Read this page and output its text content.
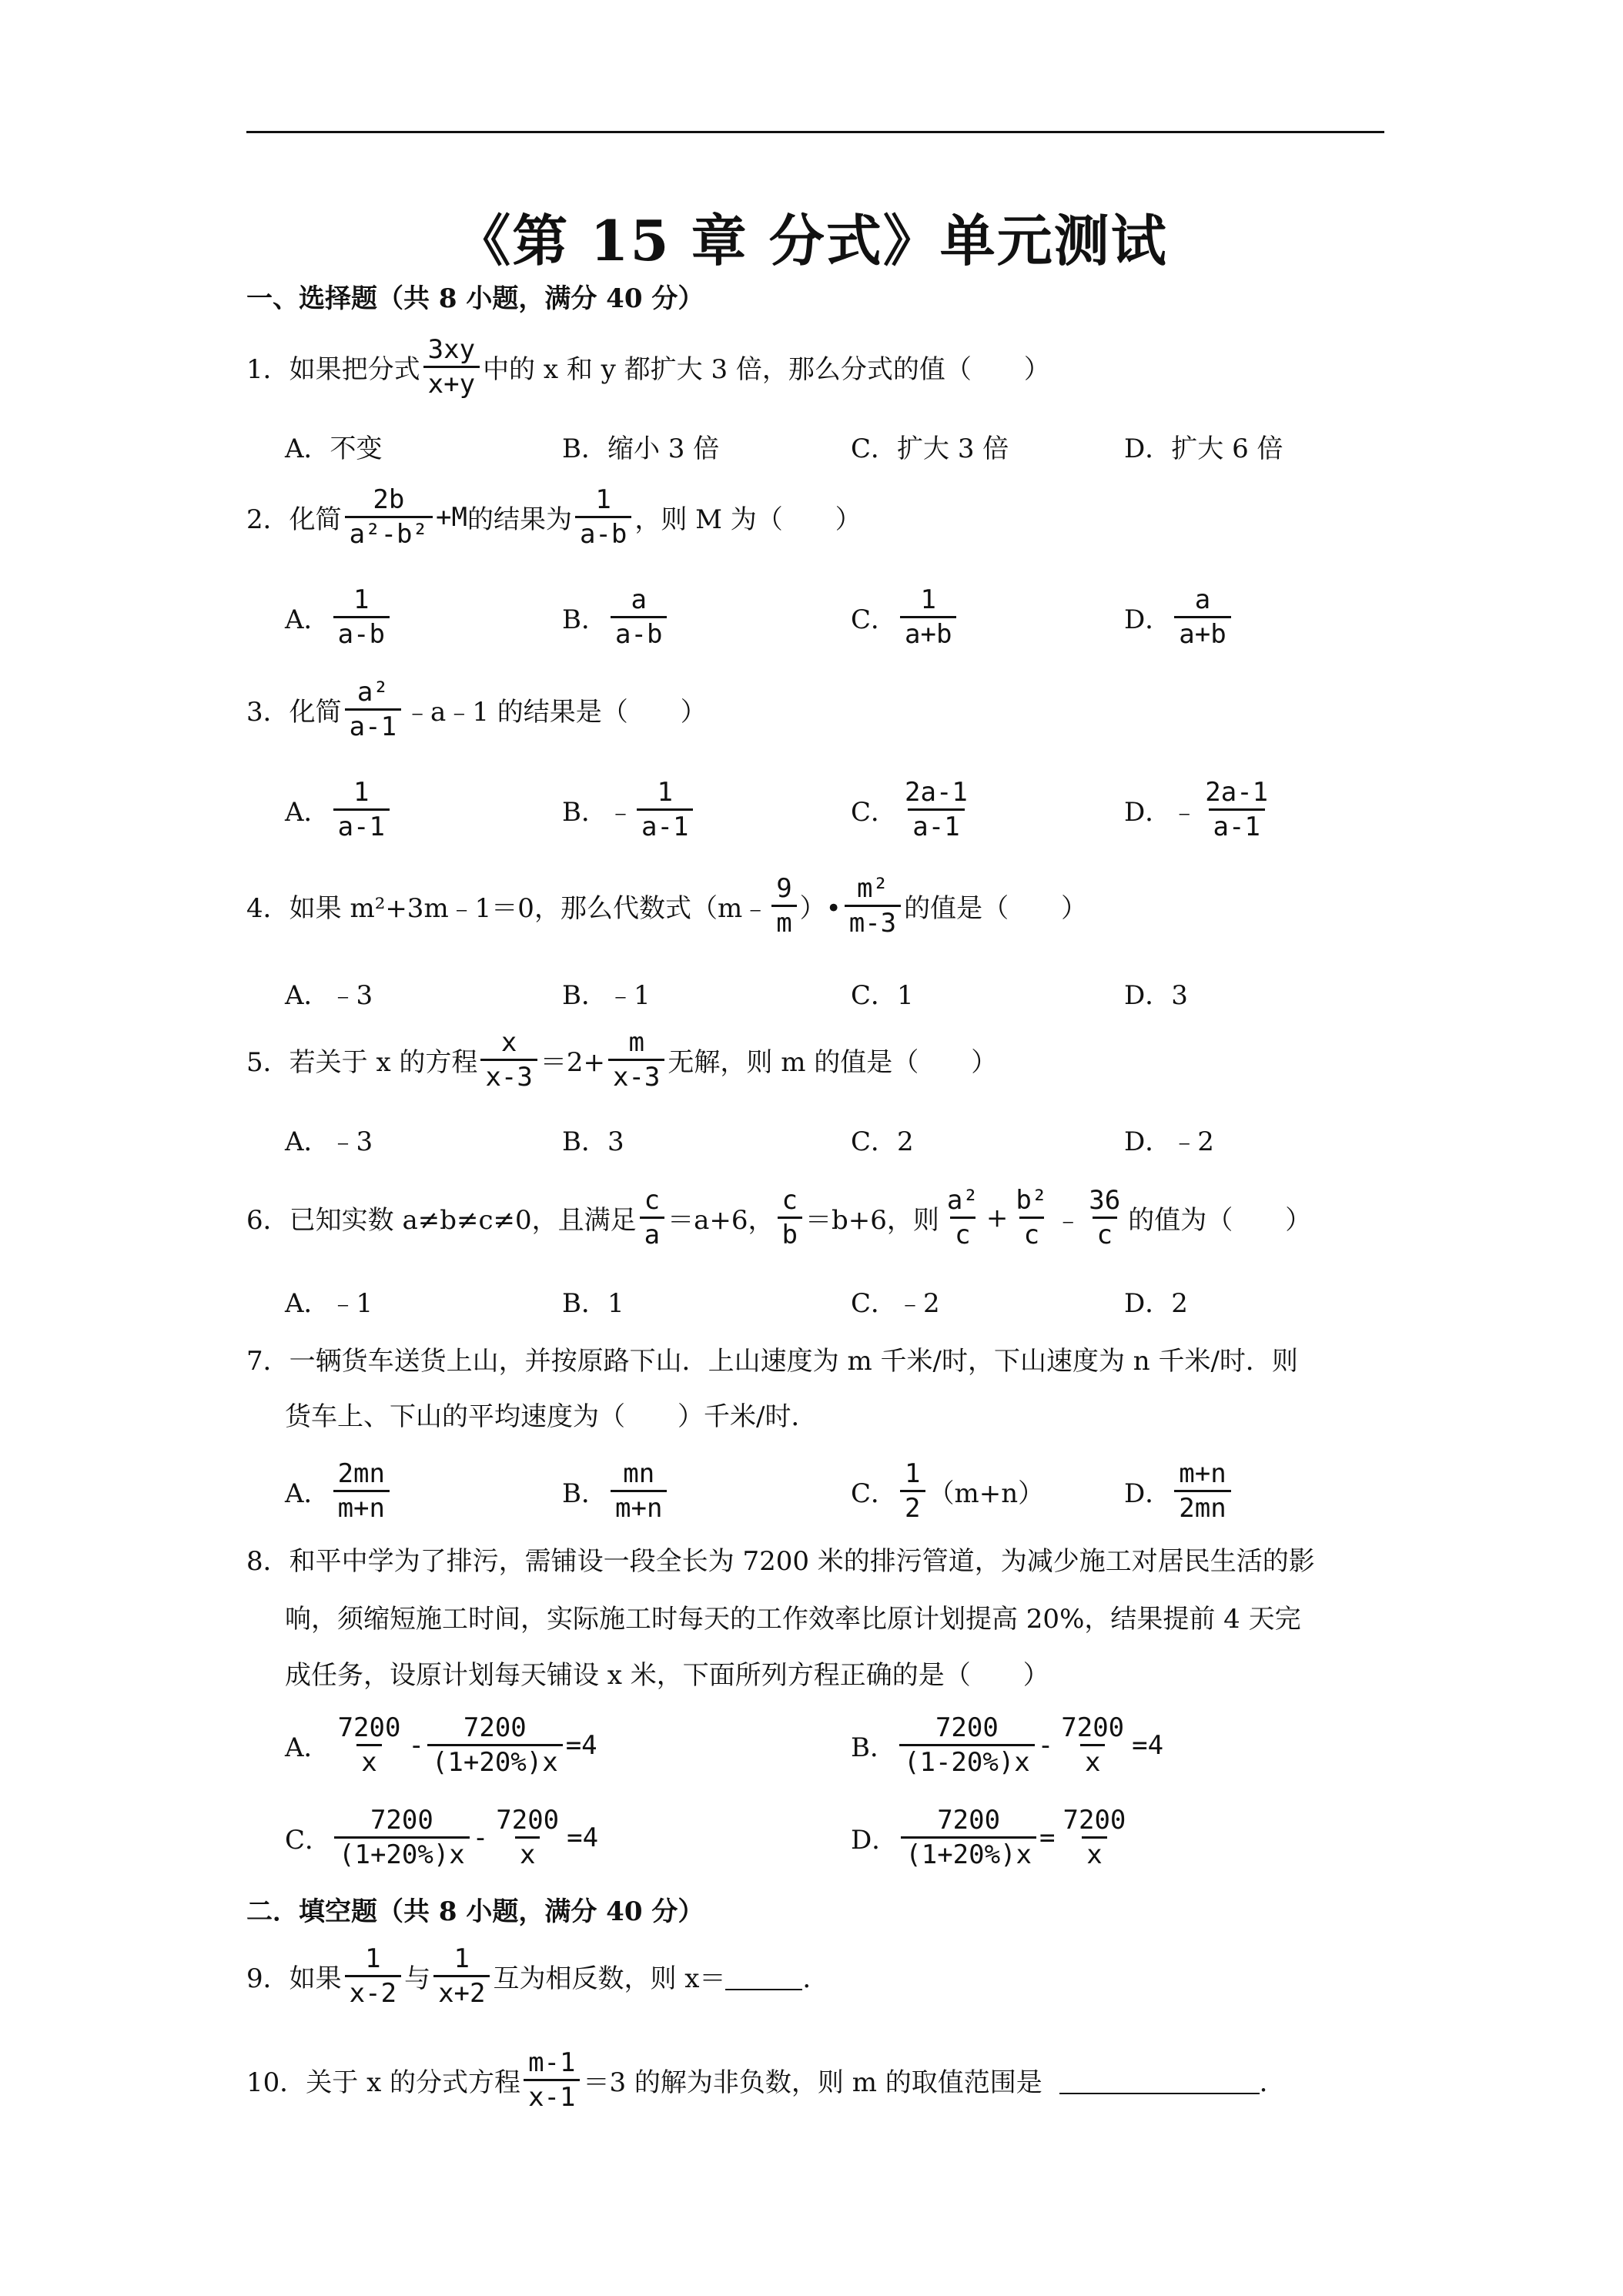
《第 15 章 分式》单元测试
一、选择题（共 8 小题，满分 40 分）
1． 如果把分式 $\frac{3xy}{x+y}$ 中的 x 和 y 都扩大 3 倍，那么分式的值（　　）
A．不变	B．缩小 3 倍	C．扩大 3 倍	D．扩大 6 倍
2． 化简 $\frac{2b}{\text{a²-b²}} +M$ 的结果为 $\frac{1}{a-b}$ ，则 M 为（　　）
A． $\frac{1}{a-b}$	B． $\frac{a}{a-b}$	C． $\frac{1}{a+b}$	D． $\frac{a}{a+b}$
3． 化简 $\frac{\text{a²}}{a-1}$ ﹣a﹣1 的结果是（　　）
A． $\frac{1}{a-1}$	B． ﹣ $\frac{1}{a-1}$	C． $\frac{2a-1}{a-1}$	D． ﹣ $\frac{2a-1}{a-1}$
4． 如果 m²+3m﹣1＝0，那么代数式（m﹣ $\frac{9}{m}$ ）• $\frac{\text{m²}}{m-3}$ 的值是（　　）
A．﹣3	B．﹣1	C．1	D．3
5． 若关于 x 的方程 $\frac{x}{x-3} =2+ \frac{m}{x-3}$ 无解，则 m 的值是（　　）
A．﹣3	B．3	C．2	D．﹣2
6． 已知实数 a≠b≠c≠0，且满足 $\frac{c}{a} =a+6$， $\frac{c}{b} =b+6$，则 $\frac{\text{a²}}{c} + \frac{\text{b²}}{c}$ ﹣ $\frac{36}{c}$ 的值为（　　）
A．﹣1	B．1	C．﹣2	D．2
7． 一辆货车送货上山，并按原路下山．上山速度为 m 千米/时，下山速度为 n 千米/时．则
货车上、下山的平均速度为（　　）千米/时．
A． $\frac{2mn}{m+n}$	B． $\frac{mn}{m+n}$	C． $\frac{1}{2} (m+n)$	D． $\frac{m+n}{2mn}$
8． 和平中学为了排污，需铺设一段全长为 7200 米的排污管道，为减少施工对居民生活的影
响，须缩短施工时间，实际施工时每天的工作效率比原计划提高 20%，结果提前 4 天完
成任务，设原计划每天铺设 x 米，下面所列方程正确的是（　　）
A． $\frac{7200}{x} - \frac{7200}{(1+20\%)x} =4$	B． $\frac{7200}{(1-20\%)x} - \frac{7200}{x} =4$
C． $\frac{7200}{(1+20\%)x} - \frac{7200}{x} =4$	D． $\frac{7200}{(1+20\%)x} = \frac{7200}{x}$
二．填空题（共 8 小题，满分 40 分）
9． 如果 $\frac{1}{x-2}$ 与 $\frac{1}{x+2}$ 互为相反数，则 x＝	．
10． 关于 x 的分式方程 $\frac{m-1}{x-1} =3$ 的解为非负数，则 m 的取值范围是	．
